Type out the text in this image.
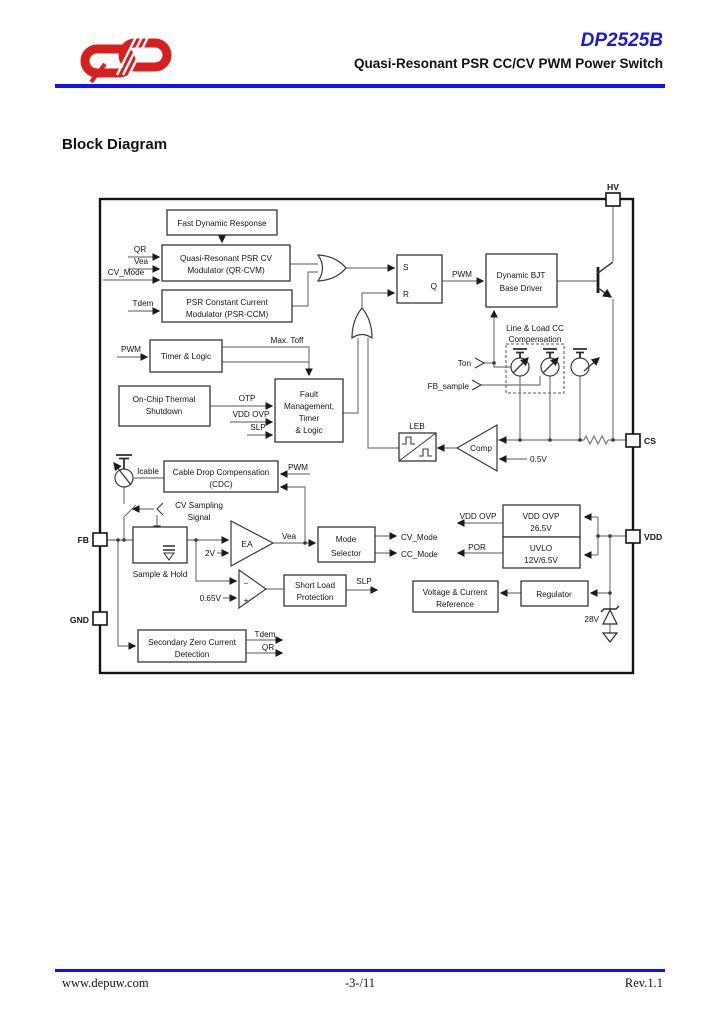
DP2525B
Quasi-Resonant PSR CC/CV PWM Power Switch
Block Diagram
HV
CS
VDD
FB
GND
Fast Dynamic Response
Quasi-Resonant PSR CV
Modulator (QR-CVM)
PSR Constant Current
Modulator (PSR-CCM)
Timer & Logic
On-Chip Thermal
Shutdown
Fault
Management,
Timer
& Logic	LEB
Cable Drop Compensation
(CDC)
Sample & Hold
Mode
Selector
Short Load
Protection
Secondary Zero Current
Detection
VDD OVP
26.5V
UVLO
12V/6.5V
Voltage & Current
Reference
Regulator
Dynamic BJT
Base Driver
Line & Load CC
Compensation
EA
Comp
S
R
Q
PWM
QR
Vea
CV_Mode
Tdem
PWM
Max. Toff
Ton
FB_sample
0.5V
OTP
VDD OVP
SLP
PWM
Icable
CV Sampling
Signal
2V
Vea
0.65V
SLP
CV_Mode
CC_Mode
VDD OVP
POR
28V
Tdem
QR
−
+
www.depuw.com	-3-/11	Rev.1.1
